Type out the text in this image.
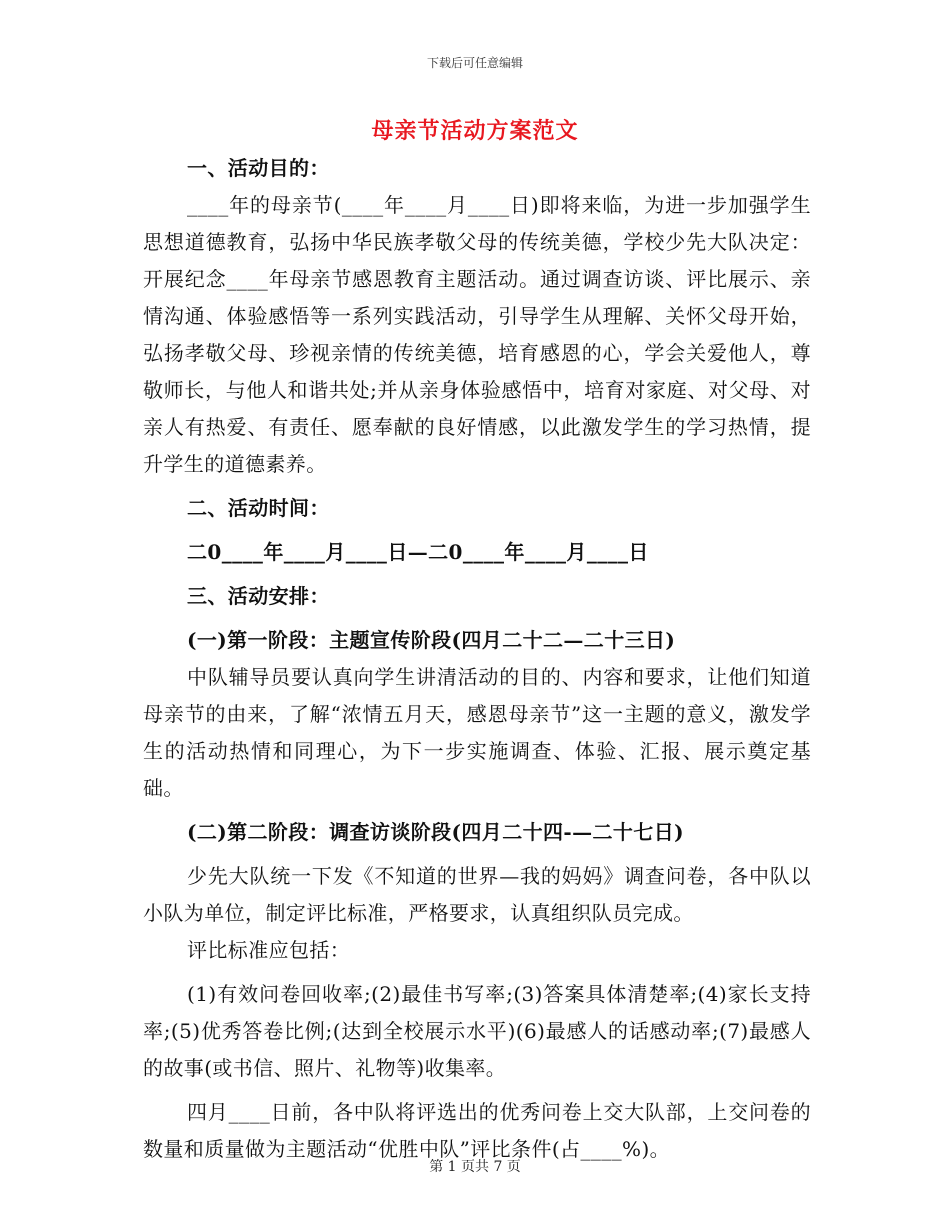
下载后可任意编辑
母亲节活动方案范文

一、活动目的：

____年的母亲节(____年____月____日)即将来临，为进一步加强学生思想道德教育，弘扬中华民族孝敬父母的传统美德，学校少先大队决定：开展纪念____年母亲节感恩教育主题活动。通过调查访谈、评比展示、亲情沟通、体验感悟等一系列实践活动，引导学生从理解、关怀父母开始，弘扬孝敬父母、珍视亲情的传统美德，培育感恩的心，学会关爱他人，尊敬师长，与他人和谐共处;并从亲身体验感悟中，培育对家庭、对父母、对亲人有热爱、有责任、愿奉献的良好情感，以此激发学生的学习热情，提升学生的道德素养。

二、活动时间：

二0____年____月____日—二0____年____月____日

三、活动安排：

(一)第一阶段：主题宣传阶段(四月二十二—二十三日)

中队辅导员要认真向学生讲清活动的目的、内容和要求，让他们知道母亲节的由来，了解“浓情五月天，感恩母亲节”这一主题的意义，激发学生的活动热情和同理心，为下一步实施调查、体验、汇报、展示奠定基础。

(二)第二阶段：调查访谈阶段(四月二十四-—二十七日)

少先大队统一下发《不知道的世界—我的妈妈》调查问卷，各中队以小队为单位，制定评比标准，严格要求，认真组织队员完成。

评比标准应包括：

(1)有效问卷回收率;(2)最佳书写率;(3)答案具体清楚率;(4)家长支持率;(5)优秀答卷比例;(达到全校展示水平)(6)最感人的话感动率;(7)最感人的故事(或书信、照片、礼物等)收集率。

四月____日前，各中队将评选出的优秀问卷上交大队部，上交问卷的数量和质量做为主题活动“优胜中队”评比条件(占____%)。

第 1 页共 7 页
